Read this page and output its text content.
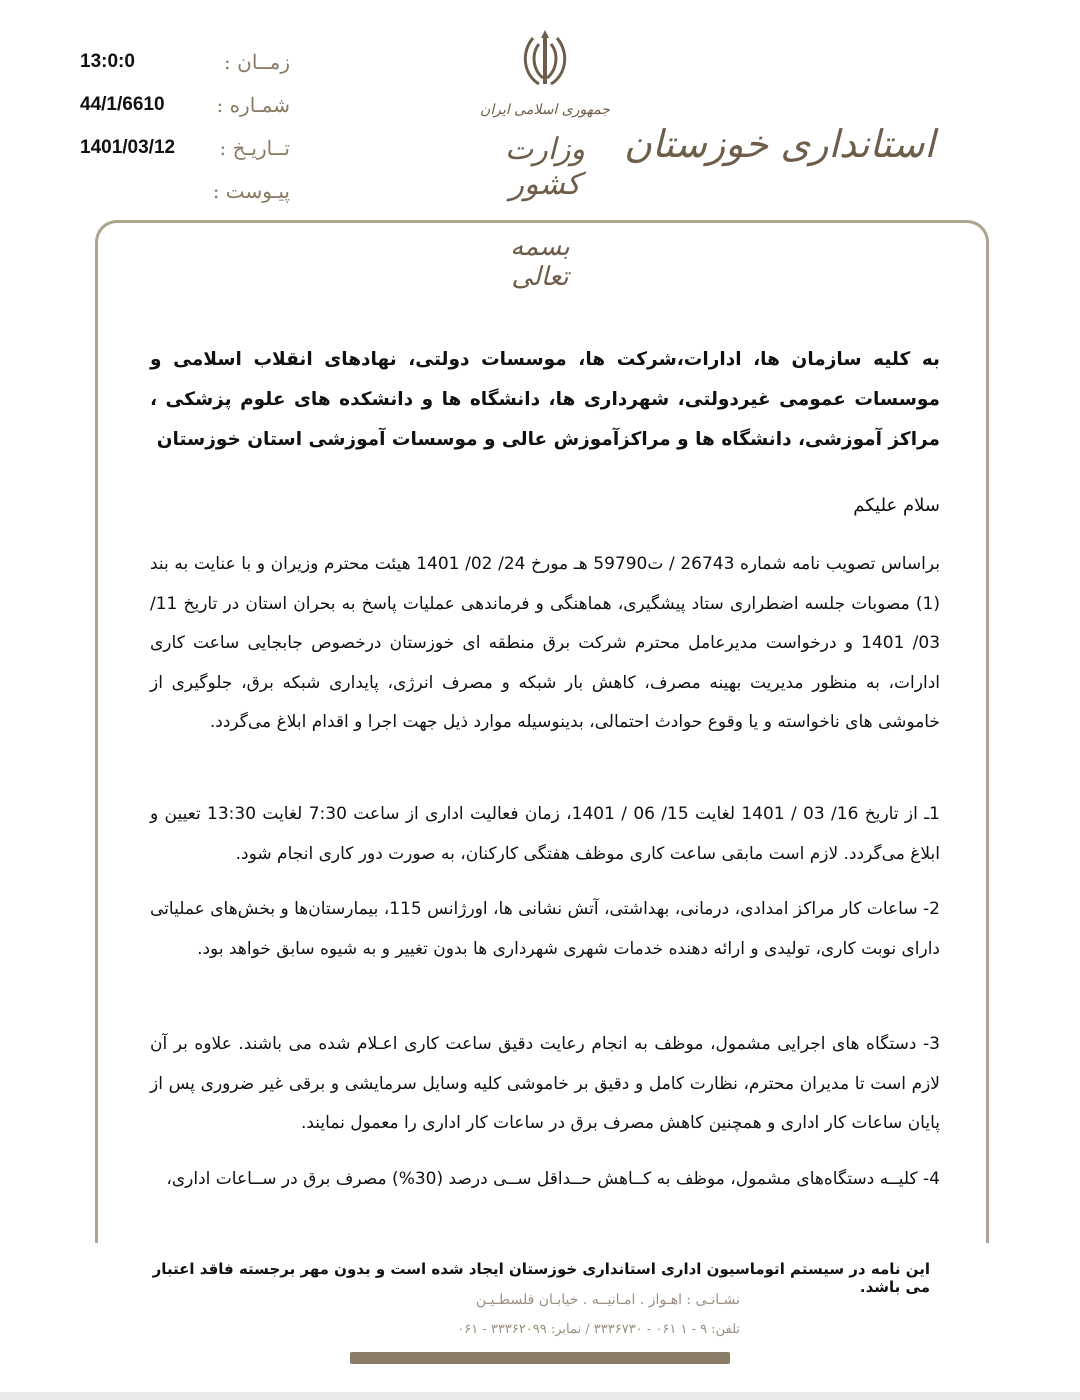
زمــان :
13:0:0
شمـاره :
44/1/6610
تــاريـخ :
1401/03/12
پيـوست :
جمهوری اسلامی ایران
وزارت کشور
استانداری خوزستان
بسمه تعالی
به کلیه سازمان ها، ادارات،شرکت ها، موسسات دولتی، نهادهای انقلاب اسلامی و موسسات عمومی غیردولتی، شهرداری ها، دانشگاه ها و دانشکده های علوم پزشکی ، مراکز آموزشی، دانشگاه ها و مراکزآموزش عالی و موسسات آموزشی استان خوزستان
سلام علیکم
براساس تصویب نامه شماره 26743 / ت59790 هـ مورخ 24/ 02/ 1401 هیئت محترم وزیران و با عنایت به بند (1) مصوبات جلسه اضطراری ستاد پیشگیری، هماهنگی و فرماندهی عملیات پاسخ به بحران استان در تاریخ 11/ 03/ 1401 و درخواست مدیرعامل محترم شرکت برق منطقه ای خوزستان درخصوص جابجایی ساعت کاری ادارات، به منظور مدیریت بهینه مصرف، کاهش بار شبکه و مصرف انرژی، پایداری شبکه برق، جلوگیری از خاموشی های ناخواسته و یا وقوع حوادث احتمالی، بدینوسیله موارد ذیل جهت اجرا و اقدام ابلاغ می‌گردد.
1ـ از تاریخ 16/ 03 / 1401 لغایت 15/ 06 / 1401، زمان فعالیت اداری از ساعت 7:30 لغایت 13:30 تعیین و ابلاغ می‌گردد. لازم است مابقی ساعت کاری موظف هفتگی کارکنان، به صورت دور کاری انجام شود.
2- ساعات کار مراکز امدادی، درمانی، بهداشتی، آتش نشانی ها، اورژانس 115، بیمارستان‌ها و بخش‌های عملیاتی دارای نوبت کاری، تولیدی و ارائه دهنده خدمات شهری شهرداری ها بدون تغییر و به شیوه سابق خواهد بود.
3- دستگاه های اجرایی مشمول، موظف به انجام رعایت دقیق ساعت کاری اعـلام شده می باشند. علاوه بر آن لازم است تا مدیران محترم، نظارت کامل و دقیق بر خاموشی کلیه وسایل سرمایشی و برقی غیر ضروری پس از پایان ساعات کار اداری و همچنین کاهش مصرف برق در ساعات کار اداری را معمول نمایند.
4- کلیــه دستگاه‌های مشمول، موظف به کــاهش حــداقل ســی درصد (30%) مصرف برق در ســاعات اداری،
این نامه در سیستم اتوماسیون اداری استانداری خوزستان ایجاد شده است و بدون مهر برجسته فاقد اعتبار می باشد.
نشـانـی : اهـواز . امـانیــه . خیابـان فلسطـیـن
تلفن: ۹ - ۱ ۰۶۱ - ۳۳۳۶۷۳۰ / نمابر: ۳۳۳۶۲۰۹۹ - ۰۶۱
